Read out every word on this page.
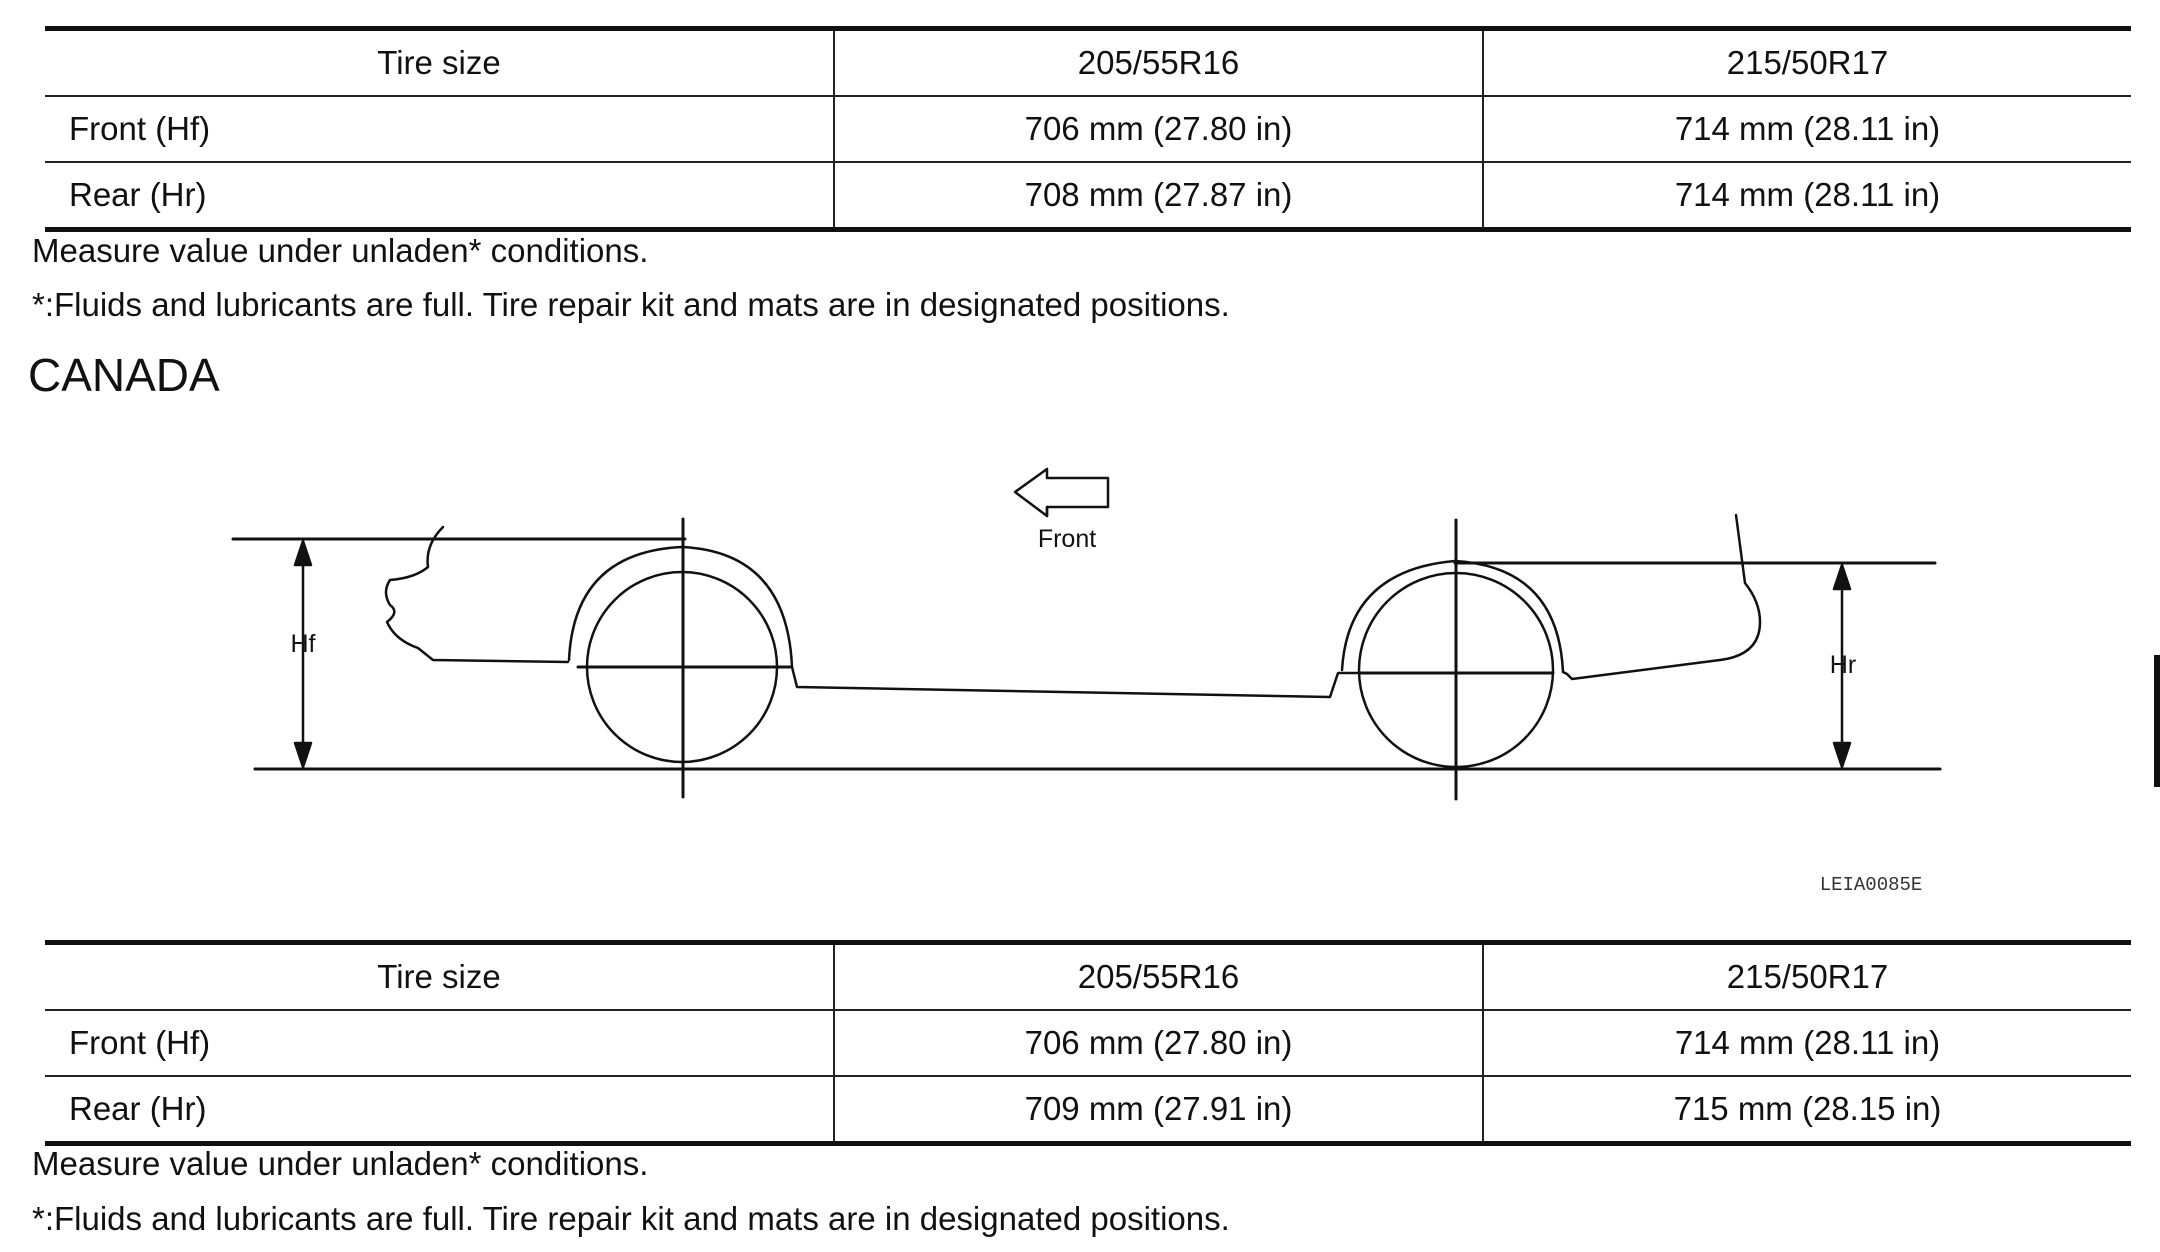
Tire size	205/55R16	215/50R17
Front (Hf)	706 mm (27.80 in)	714 mm (28.11 in)
Rear (Hr)	708 mm (27.87 in)	714 mm (28.11 in)
Measure value under unladen* conditions.
*:Fluids and lubricants are full. Tire repair kit and mats are in designated positions.
CANADA
Front
Hf
Hr
LEIA0085E
Tire size	205/55R16	215/50R17
Front (Hf)	706 mm (27.80 in)	714 mm (28.11 in)
Rear (Hr)	709 mm (27.91 in)	715 mm (28.15 in)
Measure value under unladen* conditions.
*:Fluids and lubricants are full. Tire repair kit and mats are in designated positions.
